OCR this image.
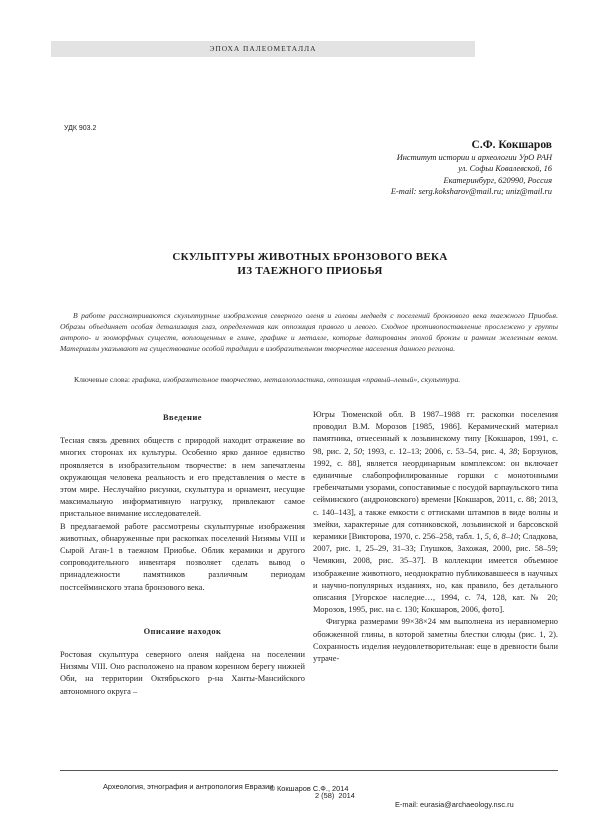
ЭПОХА ПАЛЕОМЕТАЛЛА
УДК 903.2
С.Ф. Кокшаров
Институт истории и археологии УрО РАН
ул. Софьи Ковалевской, 16
Екатеринбург, 620990, Россия
E-mail: serg.koksharov@mail.ru; uniz@mail.ru
СКУЛЬПТУРЫ ЖИВОТНЫХ БРОНЗОВОГО ВЕКА
ИЗ ТАЕЖНОГО ПРИОБЬЯ

В работе рассматриваются скульптурные изображения северного оленя и головы медведя с поселений бронзового века таежного Приобья. Образы объединяет особая детализация глаз, определенная как оппозиция правого и левого. Сходное противопоставление прослежено у группы антропо- и зооморфных существ, воплощенных в глине, графике и металле, которые датированы эпохой бронзы и ранним железным веком. Материалы указывают на существование особой традиции в изобразительном творчестве населения данного региона.

Ключевые слова: графика, изобразительное творчество, металлопластика, оппозиция «правый–левый», скульптура.

Введение

Тесная связь древних обществ с природой находит отражение во многих сторонах их культуры. Особенно ярко данное единство проявляется в изобразительном творчестве: в нем запечатлены окружающая человека реальность и его представления о месте в этом мире. Неслучайно рисунки, скульптура и орнамент, несущие максимальную информативную нагрузку, привлекают самое пристальное внимание исследователей.

В предлагаемой работе рассмотрены скульптурные изображения животных, обнаруженные при раскопках поселений Низямы VIII и Сырой Аган-1 в таежном Приобье. Облик керамики и другого сопроводительного инвентаря позволяет сделать вывод о принадлежности памятников различным периодам постсейминского этапа бронзового века.

Описание находок

Ростовая скульптура северного оленя найдена на поселении Низямы VIII. Оно расположено на правом коренном берегу нижней Оби, на территории Октябрьского р-на Ханты-Мансийского автономного округа –

Югры Тюменской обл. В 1987–1988 гг. раскопки поселения проводил В.М. Морозов [1985, 1986]. Керамический материал памятника, отнесенный к лозьвинскому типу [Кокшаров, 1991, с. 98, рис. 2, 50; 1993, с. 12–13; 2006, с. 53–54, рис. 4, 38; Борзунов, 1992, с. 88], является неординарным комплексом: он включает единичные слабопрофилированные горшки с монотонными гребенчатыми узорами, сопоставимые с посудой варпаульского типа сейминского (андроновского) времени [Кокшаров, 2011, с. 88; 2013, с. 140–143], а также емкости с оттисками штампов в виде волны и змейки, характерные для сотниковской, лозьвинской и барсовской керамики [Викторова, 1970, с. 256–258, табл. 1, 5, 6, 8–10; Сладкова, 2007, рис. 1, 25–29, 31–33; Глушков, Захожая, 2000, рис. 58–59; Чемякин, 2008, рис. 35–37]. В коллекции имеется объемное изображение животного, неоднократно публиковавшееся в научных и научно-популярных изданиях, но, как правило, без детального описания [Угорское наследие…, 1994, с. 74, 128, кат. № 20; Морозов, 1995, рис. на с. 130; Кокшаров, 2006, фото].

Фигурка размерами 99×38×24 мм выполнена из неравномерно обожженной глины, в которой заметны блестки слюды (рис. 1, 2). Сохранность изделия неудовлетворительная: еще в древности были утраче-

Археология, этнография и антропология Евразии

2 (58)  2014

E-mail: eurasia@archaeology.nsc.ru

© Кокшаров С.Ф., 2014
